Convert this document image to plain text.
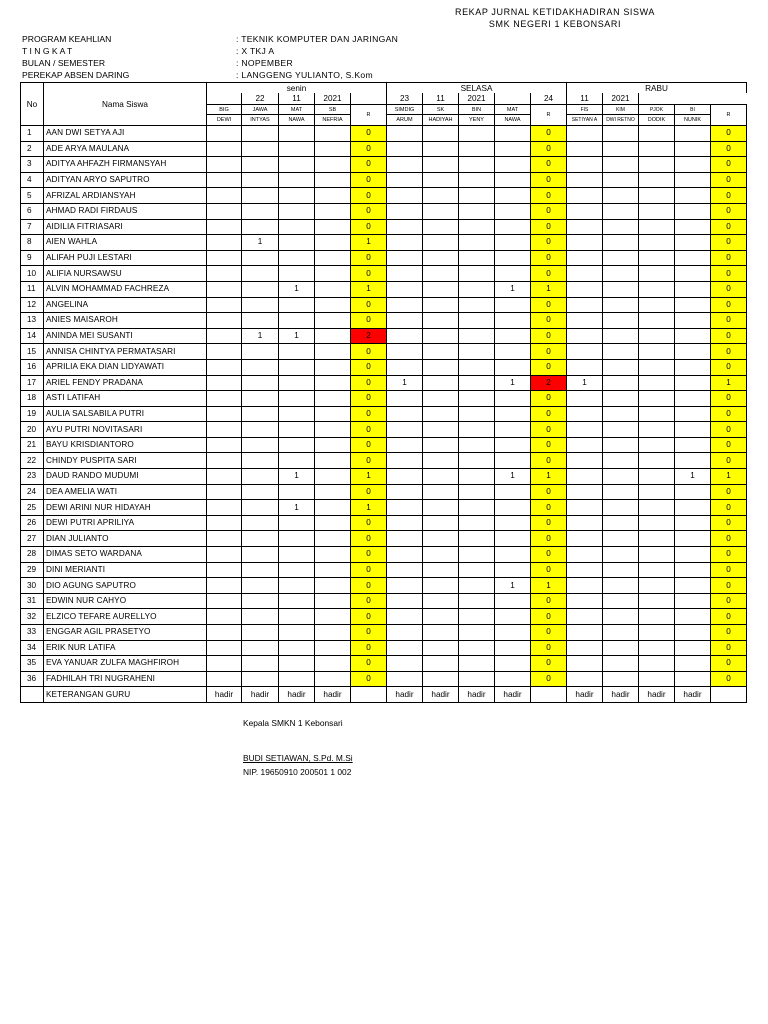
REKAP JURNAL KETIDAKHADIRAN SISWA
SMK NEGERI 1 KEBONSARI
PROGRAM KEAHLIAN	: TEKNIK KOMPUTER DAN JARINGAN
T I N G K A T	: X TKJ A
BULAN / SEMESTER	: NOPEMBER
PEREKAP ABSEN DARING	: LANGGENG YULIANTO, S.Kom
No	Nama Siswa	senin					SELASA					RABU				
			22	11	2021		23	11	2021		24	11	2021			
		BIG	JAWA	MAT	SB	R	SIMDIG	SK	BIN	MAT	R	FIS	KIM	PJOK	BI	R
		DEWI	INTYAS	NAWA	NEFRIA		ARUM	HADIYAH	YENY	NAWA		SETIYAN A	DWI RETNO	DODIK	NUNIK	
1	AAN DWI SETYA AJI					0					0					0
2	ADE ARYA MAULANA					0					0					0
3	ADITYA AHFAZH FIRMANSYAH					0					0					0
4	ADITYAN ARYO SAPUTRO					0					0					0
5	AFRIZAL ARDIANSYAH					0					0					0
6	AHMAD RADI FIRDAUS					0					0					0
7	AIDILIA FITRIASARI					0					0					0
8	AIEN WAHLA		1			1					0					0
9	ALIFAH PUJI LESTARI					0					0					0
10	ALIFIA NURSAWSU					0					0					0
11	ALVIN MOHAMMAD FACHREZA			1		1				1	1					0
12	ANGELINA					0					0					0
13	ANIES MAISAROH					0					0					0
14	ANINDA MEI SUSANTI		1	1		2					0					0
15	ANNISA CHINTYA PERMATASARI					0					0					0
16	APRILIA EKA DIAN LIDYAWATI					0					0					0
17	ARIEL FENDY PRADANA					0	1			1	2	1				1
18	ASTI LATIFAH					0					0					0
19	AULIA SALSABILA PUTRI					0					0					0
20	AYU PUTRI NOVITASARI					0					0					0
21	BAYU KRISDIANTORO					0					0					0
22	CHINDY PUSPITA SARI					0					0					0
23	DAUD RANDO MUDUMI			1		1				1	1				1	1
24	DEA AMELIA WATI					0					0					0
25	DEWI ARINI NUR HIDAYAH			1		1					0					0
26	DEWI PUTRI APRILIYA					0					0					0
27	DIAN JULIANTO					0					0					0
28	DIMAS SETO WARDANA					0					0					0
29	DINI MERIANTI					0					0					0
30	DIO AGUNG SAPUTRO					0				1	1					0
31	EDWIN NUR CAHYO					0					0					0
32	ELZICO TEFARE AURELLYO					0					0					0
33	ENGGAR AGIL PRASETYO					0					0					0
34	ERIK NUR LATIFA					0					0					0
35	EVA YANUAR ZULFA MAGHFIROH					0					0					0
36	FADHILAH TRI NUGRAHENI					0					0					0
	KETERANGAN GURU	hadir	hadir	hadir	hadir		hadir	hadir	hadir	hadir		hadir	hadir	hadir	hadir	
Kepala SMKN 1 Kebonsari
BUDI SETIAWAN, S.Pd. M.Si
NIP. 19650910 200501 1 002
